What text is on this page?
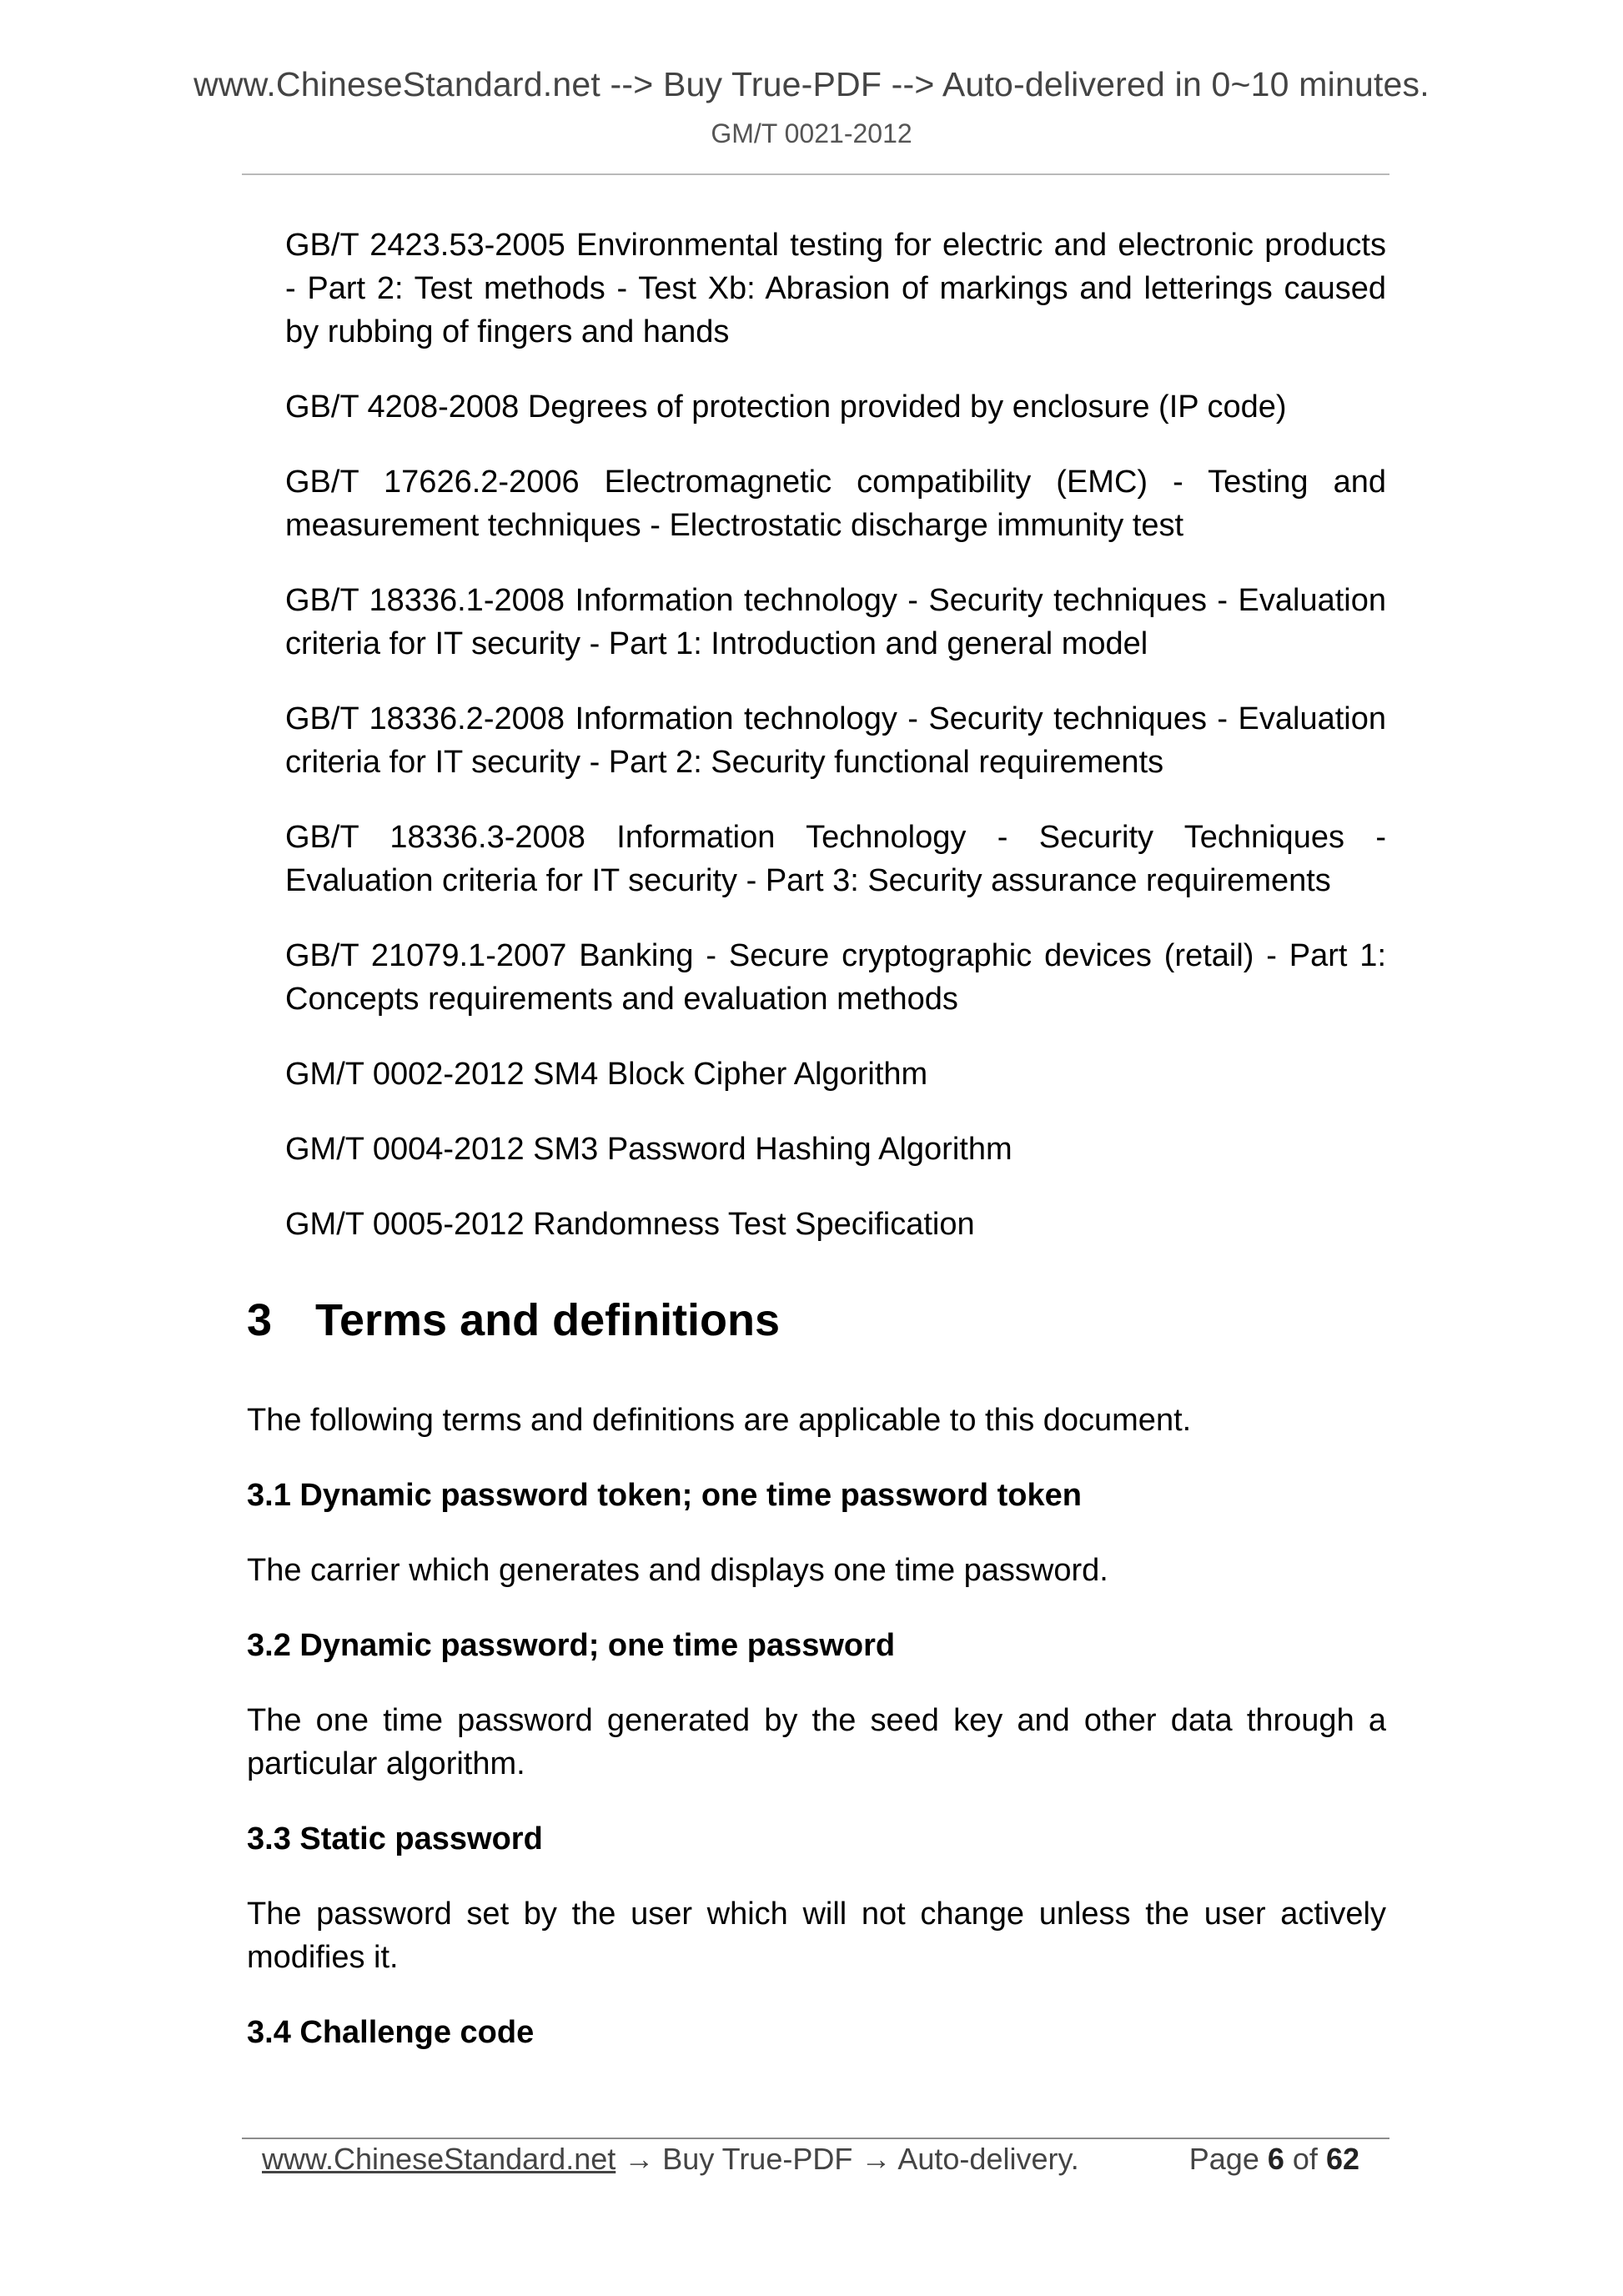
www.ChineseStandard.net --> Buy True-PDF --> Auto-delivered in 0~10 minutes.
GM/T 0021-2012
GB/T 2423.53-2005 Environmental testing for electric and electronic products - Part 2: Test methods - Test Xb: Abrasion of markings and letterings caused by rubbing of fingers and hands
GB/T 4208-2008 Degrees of protection provided by enclosure (IP code)
GB/T 17626.2-2006 Electromagnetic compatibility (EMC) - Testing and measurement techniques - Electrostatic discharge immunity test
GB/T 18336.1-2008 Information technology - Security techniques - Evaluation criteria for IT security - Part 1: Introduction and general model
GB/T 18336.2-2008 Information technology - Security techniques - Evaluation criteria for IT security - Part 2: Security functional requirements
GB/T 18336.3-2008 Information Technology - Security Techniques - Evaluation criteria for IT security - Part 3: Security assurance requirements
GB/T 21079.1-2007 Banking - Secure cryptographic devices (retail) - Part 1: Concepts requirements and evaluation methods
GM/T 0002-2012 SM4 Block Cipher Algorithm
GM/T 0004-2012 SM3 Password Hashing Algorithm
GM/T 0005-2012 Randomness Test Specification
3 Terms and definitions

The following terms and definitions are applicable to this document.

3.1 Dynamic password token; one time password token

The carrier which generates and displays one time password.

3.2 Dynamic password; one time password

The one time password generated by the seed key and other data through a particular algorithm.

3.3 Static password

The password set by the user which will not change unless the user actively modifies it.

3.4 Challenge code

www.ChineseStandard.net → Buy True-PDF → Auto-delivery.	Page 6 of 62
